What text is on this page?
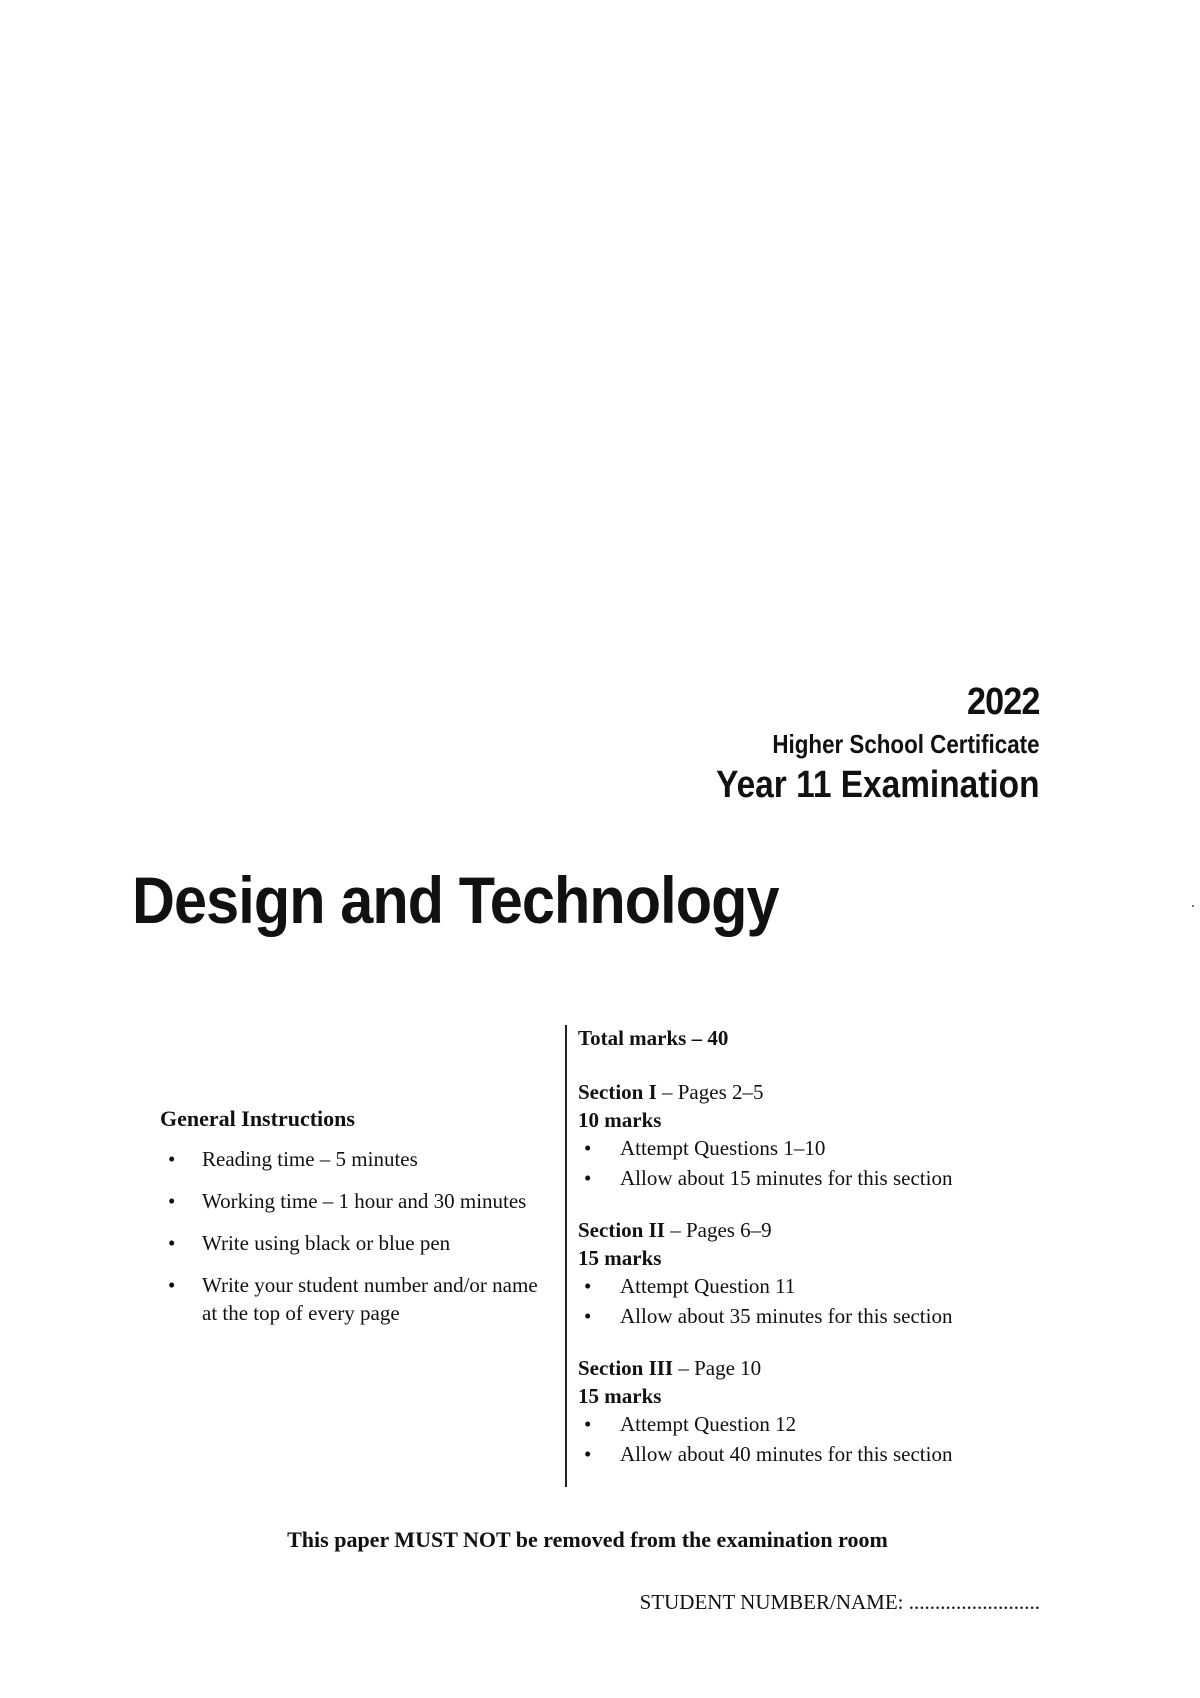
2022
Higher School Certificate
Year 11 Examination
Design and Technology
General Instructions
• Reading time – 5 minutes
• Working time – 1 hour and 30 minutes
• Write using black or blue pen
• Write your student number and/or name at the top of every page
Total marks – 40
Section I – Pages 2–5
10 marks
• Attempt Questions 1–10
• Allow about 15 minutes for this section
Section II – Pages 6–9
15 marks
• Attempt Question 11
• Allow about 35 minutes for this section
Section III – Page 10
15 marks
• Attempt Question 12
• Allow about 40 minutes for this section
This paper MUST NOT be removed from the examination room
STUDENT NUMBER/NAME: .........................
